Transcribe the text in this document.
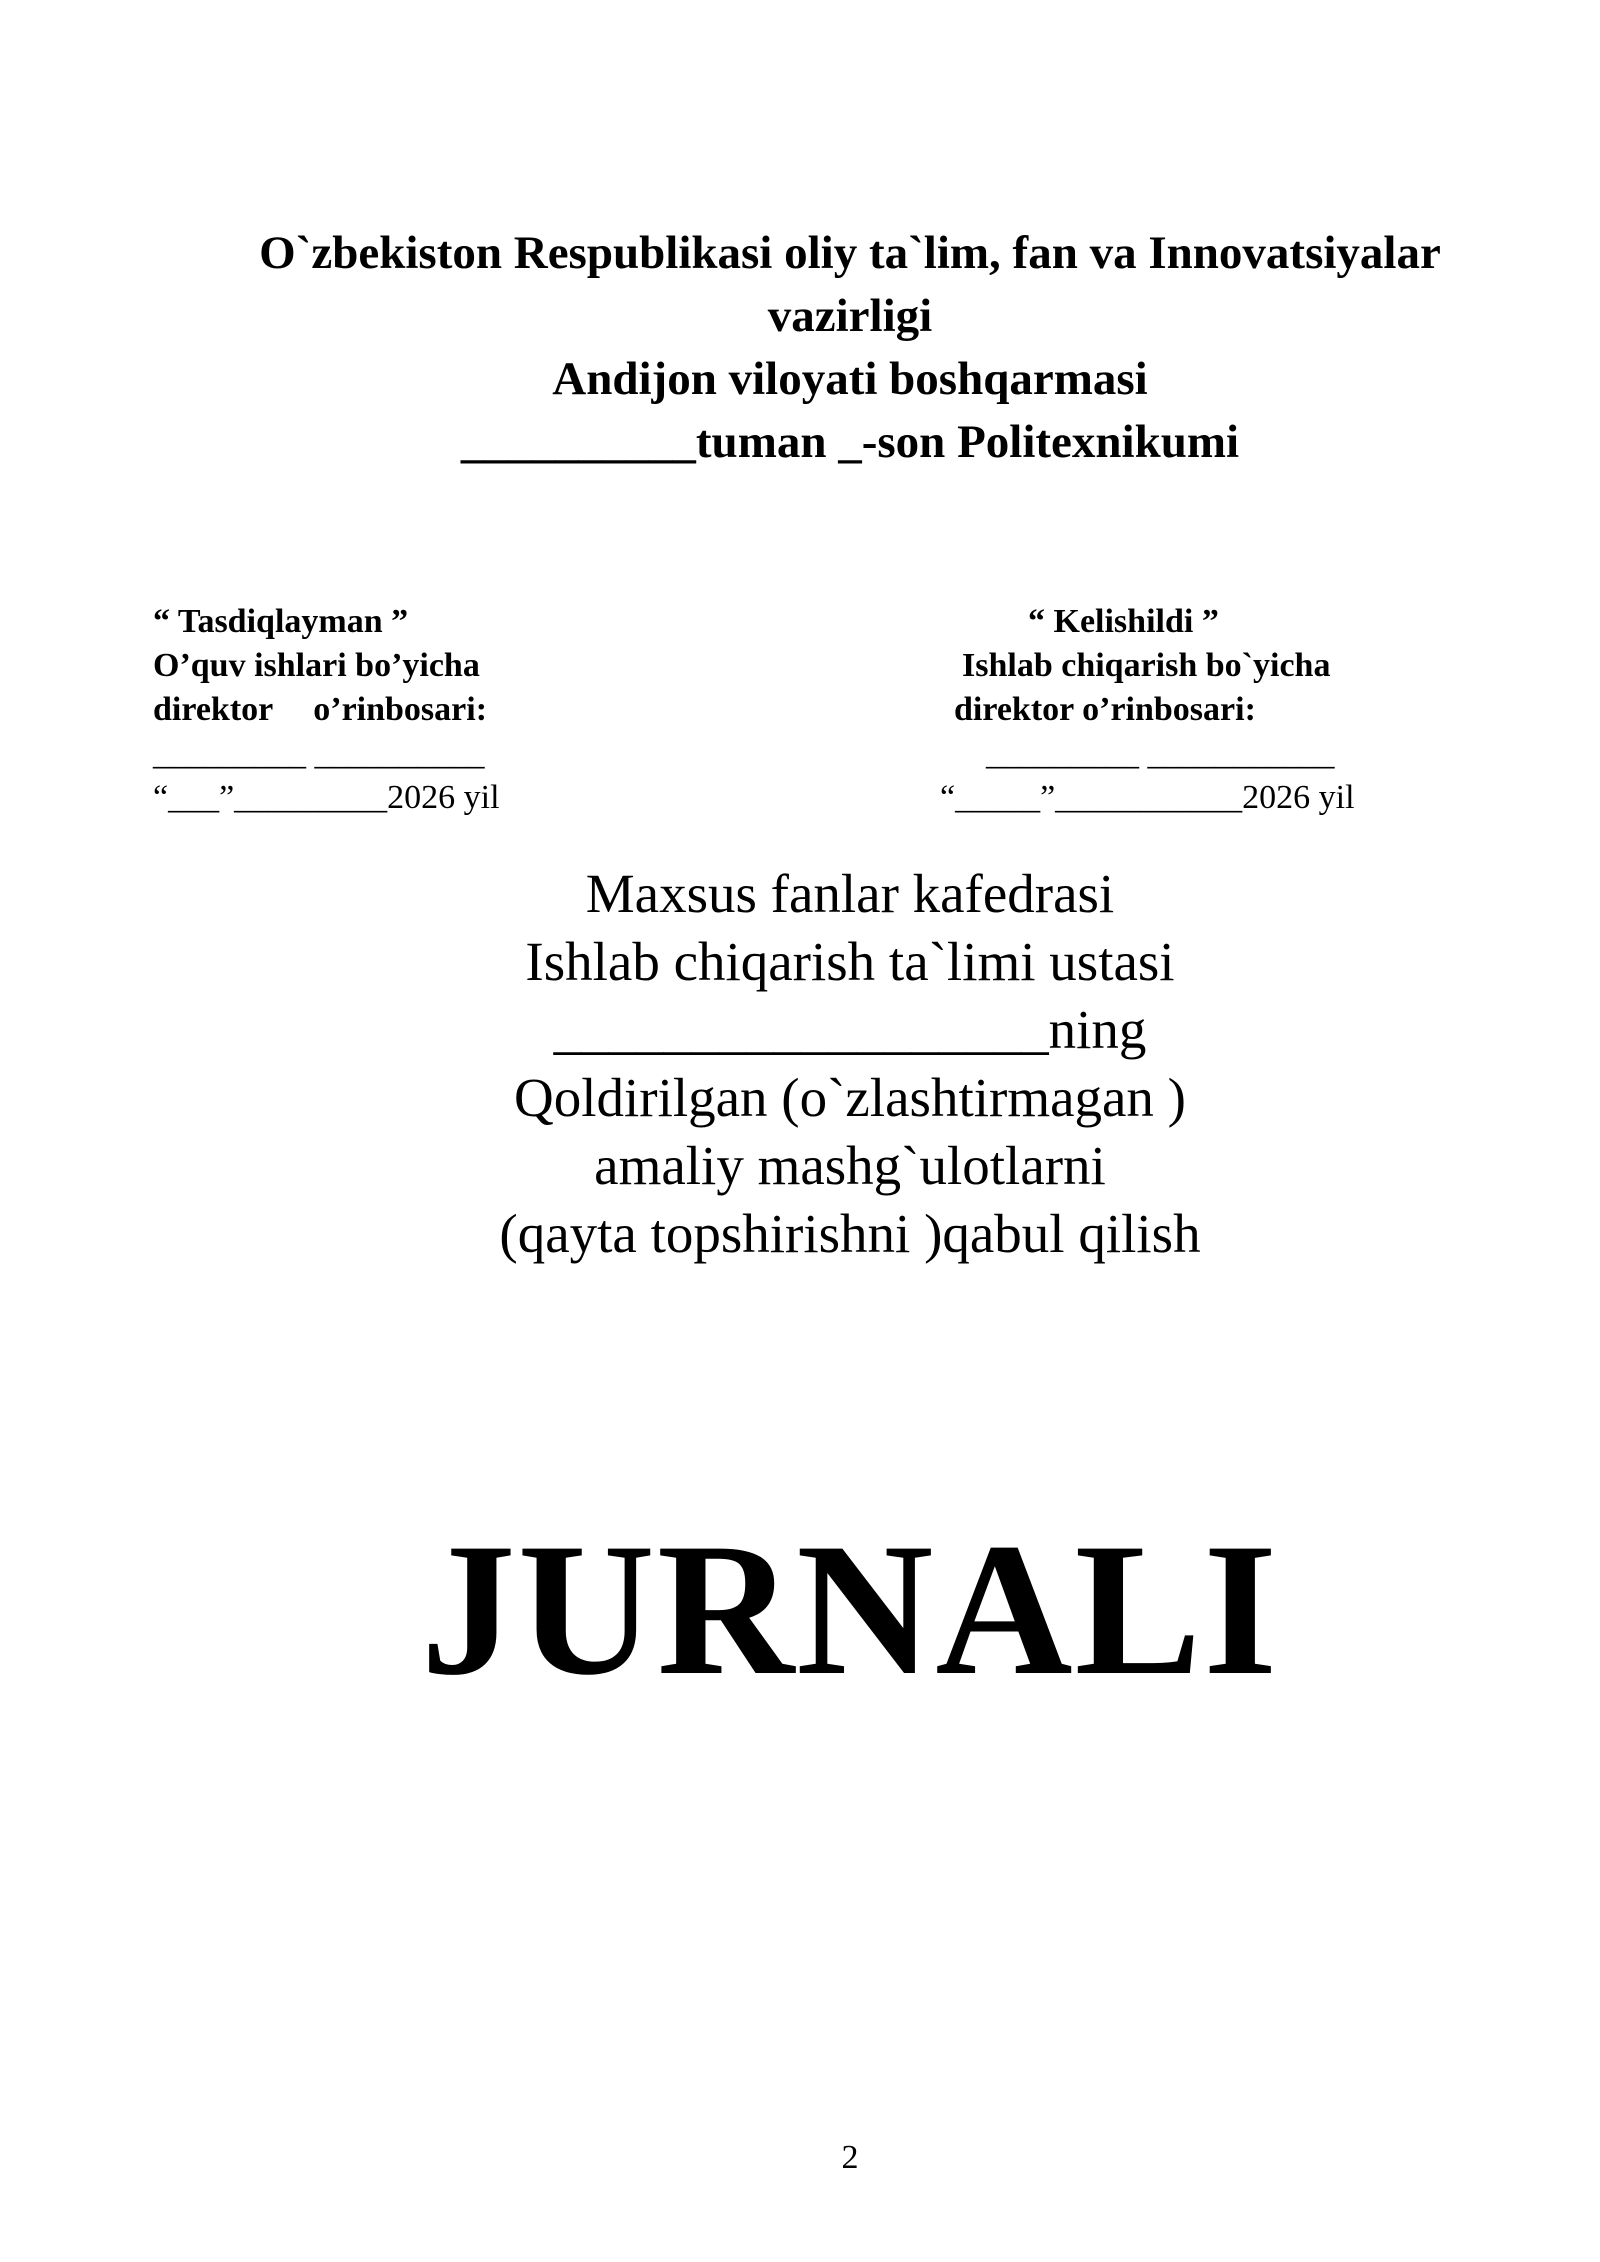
O`zbekiston Respublikasi oliy ta`lim, fan va Innovatsiyalar
vazirligi
Andijon viloyati boshqarmasi
__________tuman _-son Politexnikumi
“ Tasdiqlayman ”
O’quv ishlari bo’yicha
direktor o’rinbosari:
_________ __________
“___”_________2026 yil
“ Kelishildi ”
Ishlab chiqarish bo`yicha
direktor o’rinbosari:
_________ ___________
“_____”___________2026 yil
Maxsus fanlar kafedrasi
Ishlab chiqarish ta`limi ustasi
__________________ning
Qoldirilgan (o`zlashtirmagan )
amaliy mashg`ulotlarni
(qayta topshirishni )qabul qilish
JURNALI
2
